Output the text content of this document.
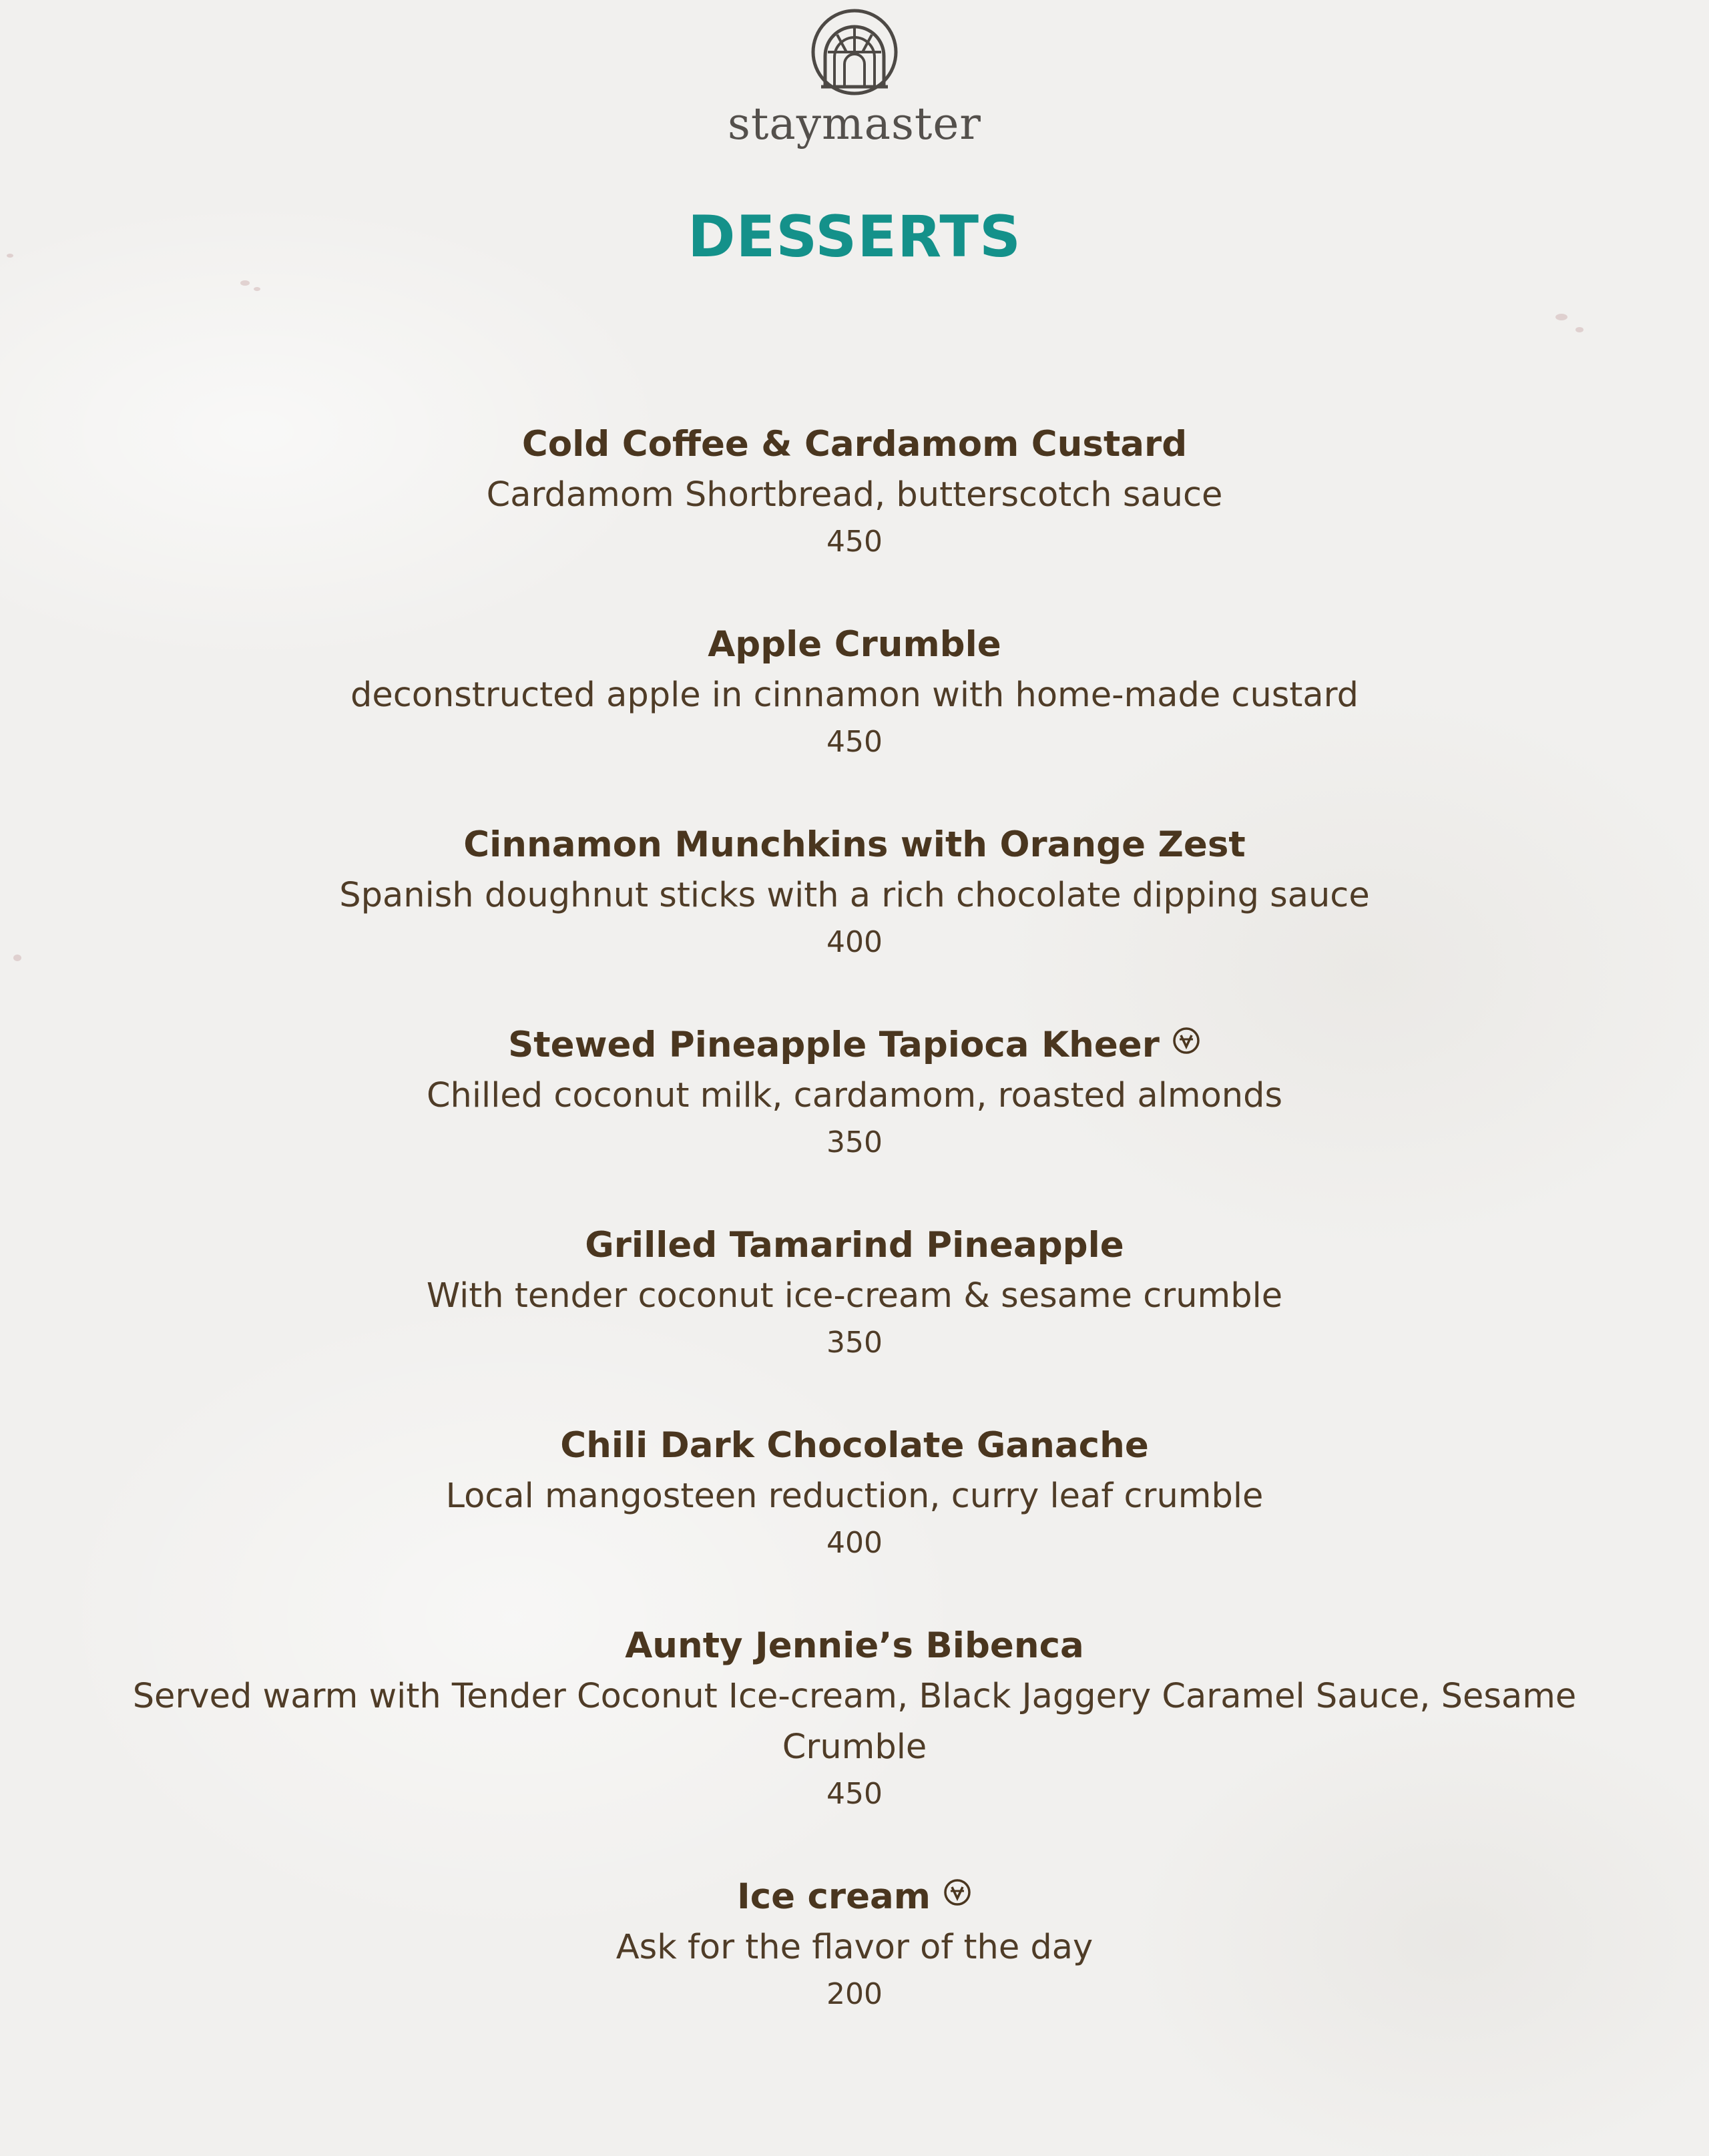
staymaster
DESSERTS
Cold Coffee & Cardamom Custard
Cardamom Shortbread, butterscotch sauce
450
Apple Crumble
deconstructed apple in cinnamon with home-made custard
450
Cinnamon Munchkins with Orange Zest
Spanish doughnut sticks with a rich chocolate dipping sauce
400
Stewed Pineapple Tapioca Kheer
Chilled coconut milk, cardamom, roasted almonds
350
Grilled Tamarind Pineapple
With tender coconut ice-cream & sesame crumble
350
Chili Dark Chocolate Ganache
Local mangosteen reduction, curry leaf crumble
400
Aunty Jennie’s Bibenca
Served warm with Tender Coconut Ice-cream, Black Jaggery Caramel Sauce, Sesame Crumble
450
Ice cream
Ask for the flavor of the day
200
